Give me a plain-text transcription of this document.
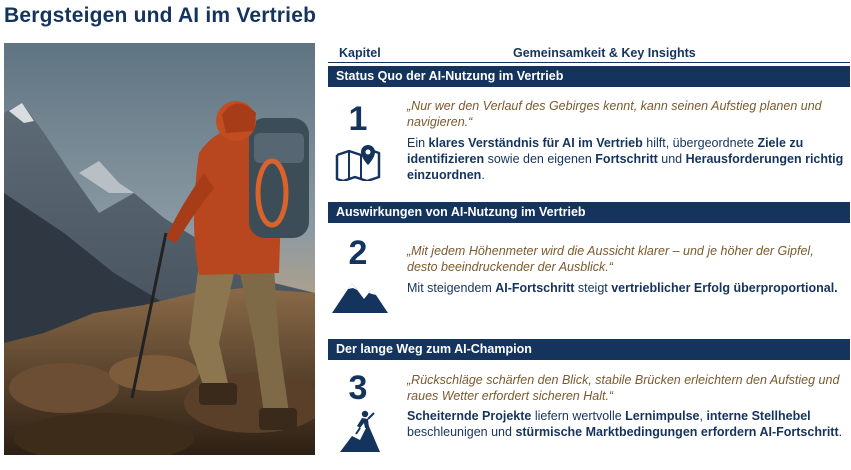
Bergsteigen und AI im Vertrieb
Kapitel	Gemeinsamkeit & Key Insights
Status Quo der AI-Nutzung im Vertrieb
1	„Nur wer den Verlauf des Gebirges kennt, kann seinen Aufstieg planen und navigieren.“
Ein klares Verständnis für AI im Vertrieb hilft, übergeordnete Ziele zu identifizieren sowie den eigenen Fortschritt und Herausforderungen richtig einzuordnen.
Auswirkungen von AI-Nutzung im Vertrieb
2	„Mit jedem Höhenmeter wird die Aussicht klarer – und je höher der Gipfel, desto beeindruckender der Ausblick.“
Mit steigendem AI-Fortschritt steigt vertrieblicher Erfolg überproportional.
Der lange Weg zum AI-Champion
3	„Rückschläge schärfen den Blick, stabile Brücken erleichtern den Aufstieg und raues Wetter erfordert sicheren Halt.“
Scheiternde Projekte liefern wertvolle Lernimpulse, interne Stellhebel beschleunigen und stürmische Marktbedingungen erfordern AI-Fortschritt.
